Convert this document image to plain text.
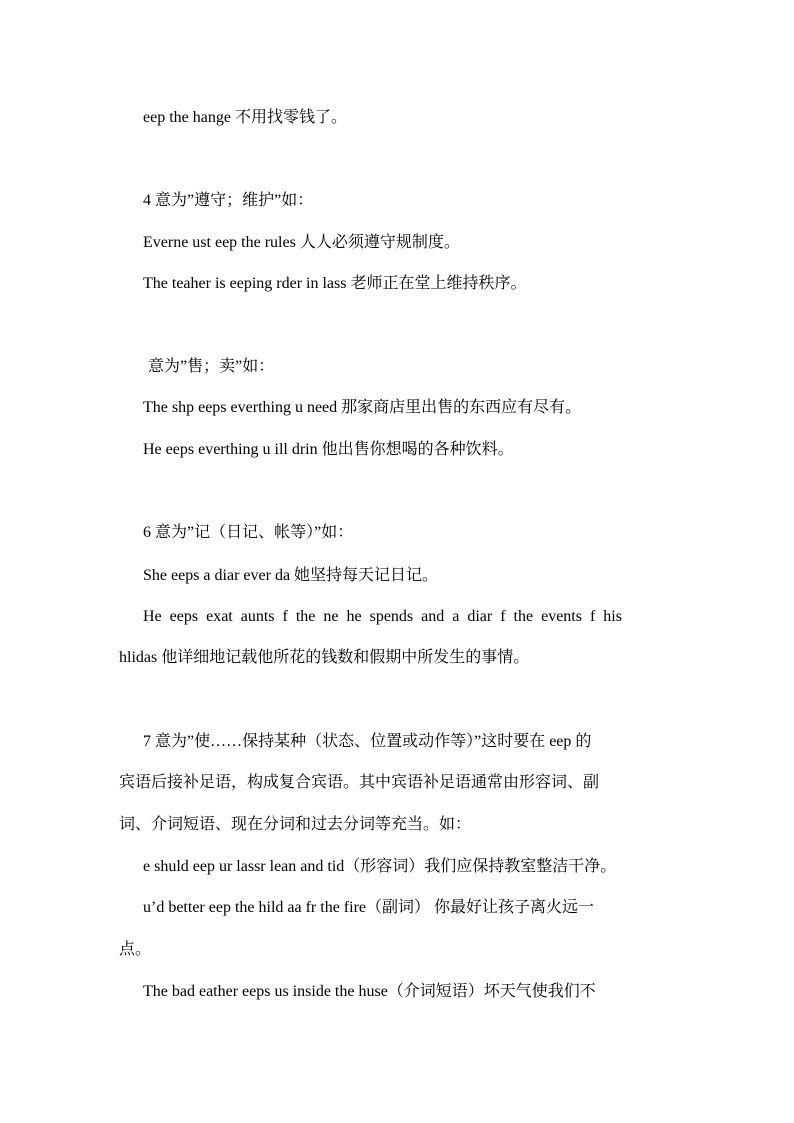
eep the hange 不用找零钱了。
4 意为”遵守；维护”如：
Everne ust eep the rules 人人必须遵守规制度。
The teaher is eeping rder in lass 老师正在堂上维持秩序。
意为”售；卖”如：
The shp eeps everthing u need 那家商店里出售的东西应有尽有。
He eeps everthing u ill drin 他出售你想喝的各种饮料。
6 意为”记（日记、帐等）”如：
She eeps a diar ever da 她坚持每天记日记。
He  eeps  exat  aunts  f  the  ne  he  spends  and  a  diar  f  the  events  f  his
hlidas 他详细地记载他所花的钱数和假期中所发生的事情。
7 意为”使……保持某种（状态、位置或动作等）”这时要在 eep 的
宾语后接补足语，构成复合宾语。其中宾语补足语通常由形容词、副
词、介词短语、现在分词和过去分词等充当。如：
e shuld eep ur lassr lean and tid（形容词）我们应保持教室整洁干净。
u’d better eep the hild aa fr the fire（副词） 你最好让孩子离火远一
点。
The bad eather eeps us inside the huse（介词短语）坏天气使我们不
